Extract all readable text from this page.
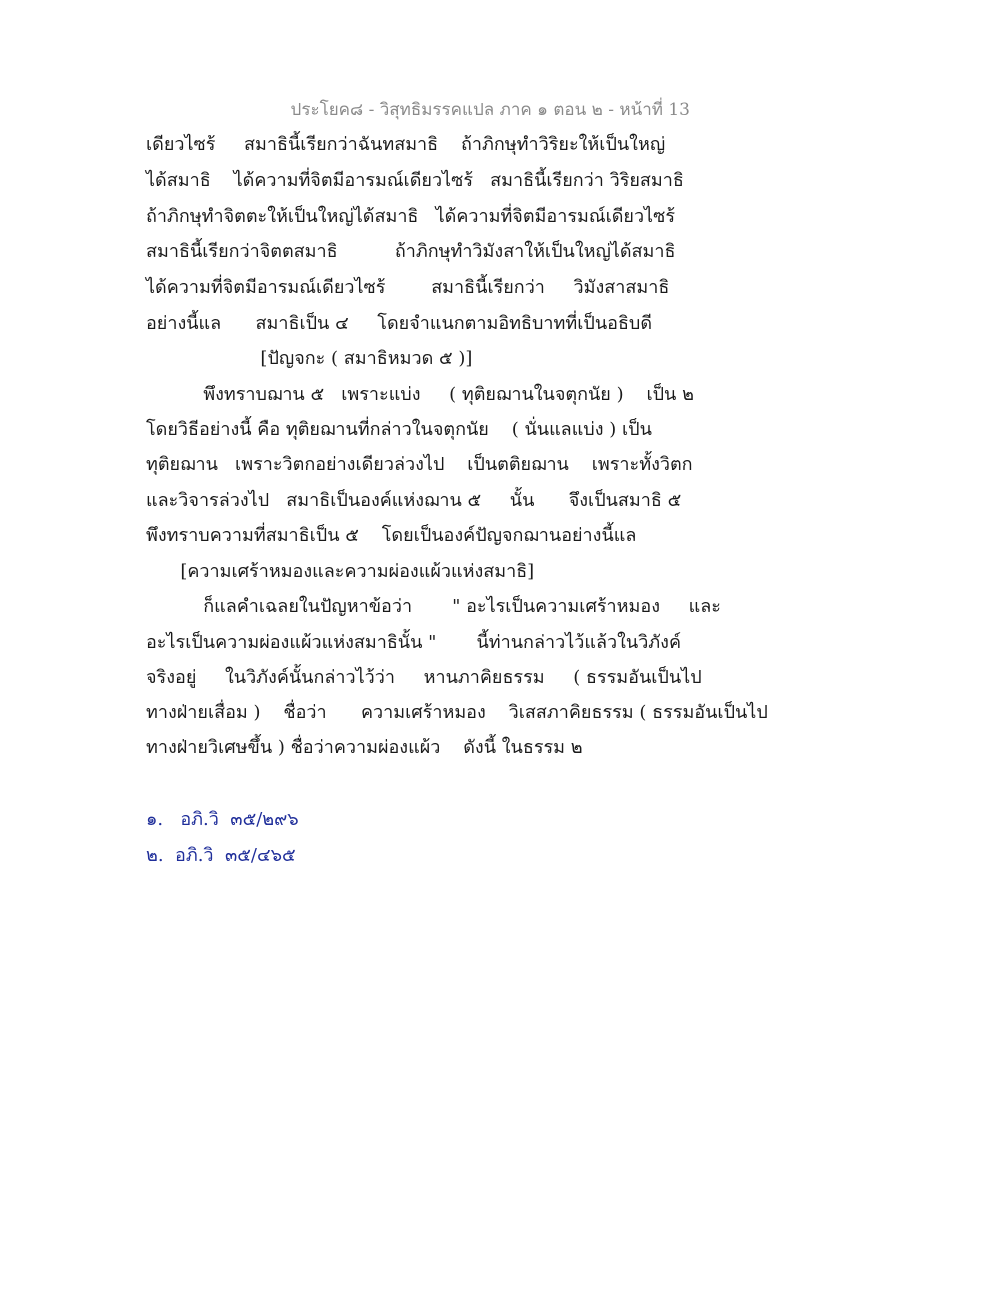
ประโยค๘ - วิสุทธิมรรคแปล ภาค ๑ ตอน ๒ - หน้าที่ 13
เดียวไซร้     สมาธินี้เรียกว่าฉันทสมาธิ    ถ้าภิกษุทำวิริยะให้เป็นใหญ่
ได้สมาธิ    ได้ความที่จิตมีอารมณ์เดียวไซร้   สมาธินี้เรียกว่า วิริยสมาธิ
ถ้าภิกษุทำจิตตะให้เป็นใหญ่ได้สมาธิ   ได้ความที่จิตมีอารมณ์เดียวไซร้
สมาธินี้เรียกว่าจิตตสมาธิ          ถ้าภิกษุทำวิมังสาให้เป็นใหญ่ได้สมาธิ
ได้ความที่จิตมีอารมณ์เดียวไซร้        สมาธินี้เรียกว่า     วิมังสาสมาธิ
อย่างนี้แล      สมาธิเป็น ๔     โดยจำแนกตามอิทธิบาทที่เป็นอธิบดี
[ปัญจกะ ( สมาธิหมวด ๕ )]
พึงทราบฌาน ๕   เพราะแบ่ง     ( ทุติยฌานในจตุกนัย )    เป็น ๒
โดยวิธีอย่างนี้ คือ ทุติยฌานที่กล่าวในจตุกนัย    ( นั่นแลแบ่ง ) เป็น
ทุติยฌาน   เพราะวิตกอย่างเดียวล่วงไป    เป็นตติยฌาน    เพราะทั้งวิตก
และวิจารล่วงไป   สมาธิเป็นองค์แห่งฌาน ๕     นั้น      จึงเป็นสมาธิ ๕
พึงทราบความที่สมาธิเป็น ๕    โดยเป็นองค์ปัญจกฌานอย่างนี้แล
[ความเศร้าหมองและความผ่องแผ้วแห่งสมาธิ]
ก็แลคำเฉลยในปัญหาข้อว่า       " อะไรเป็นความเศร้าหมอง     และ
อะไรเป็นความผ่องแผ้วแห่งสมาธินั้น "       นี้ท่านกล่าวไว้แล้วในวิภังค์
จริงอยู่     ในวิภังค์นั้นกล่าวไว้ว่า     หานภาคิยธรรม     ( ธรรมอันเป็นไป
ทางฝ่ายเสื่อม )    ชื่อว่า      ความเศร้าหมอง    วิเสสภาคิยธรรม ( ธรรมอันเป็นไป
ทางฝ่ายวิเศษขึ้น ) ชื่อว่าความผ่องแผ้ว    ดังนี้ ในธรรม ๒
๑.   อภิ.วิ  ๓๕/๒๙๖
๒.  อภิ.วิ  ๓๕/๔๖๕
